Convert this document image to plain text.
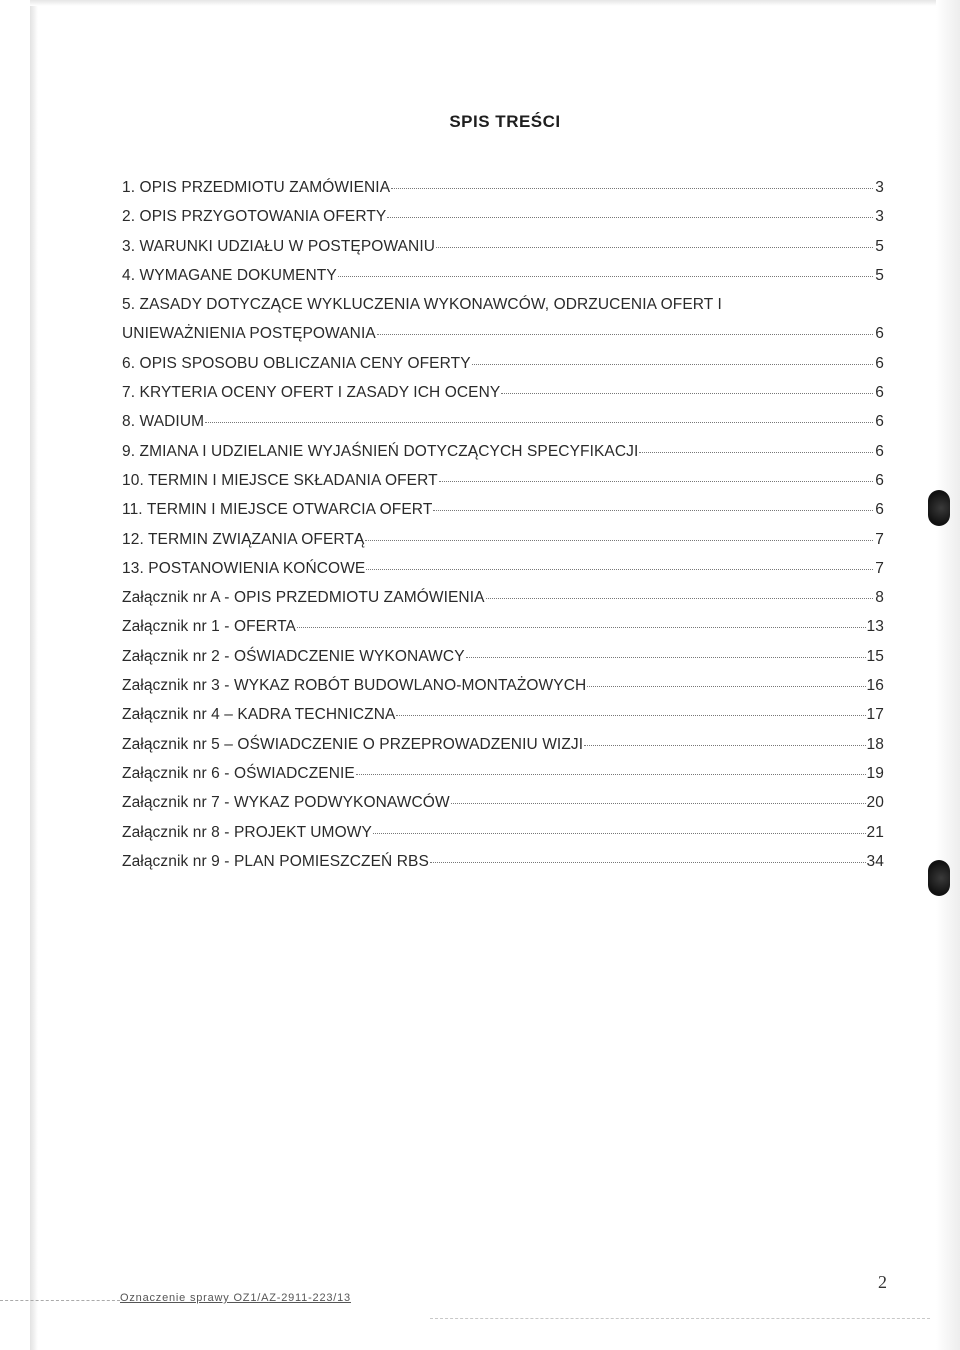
SPIS TREŚCI
1. OPIS PRZEDMIOTU ZAMÓWIENIA	3
2. OPIS PRZYGOTOWANIA OFERTY	3
3. WARUNKI UDZIAŁU W POSTĘPOWANIU	5
4. WYMAGANE DOKUMENTY	5
5. ZASADY DOTYCZĄCE WYKLUCZENIA WYKONAWCÓW, ODRZUCENIA OFERT I
UNIEWAŻNIENIA POSTĘPOWANIA	6
6. OPIS SPOSOBU OBLICZANIA CENY OFERTY	6
7. KRYTERIA OCENY OFERT I ZASADY ICH OCENY	6
8. WADIUM	6
9. ZMIANA I UDZIELANIE WYJAŚNIEŃ DOTYCZĄCYCH SPECYFIKACJI	6
10. TERMIN I MIEJSCE SKŁADANIA OFERT	6
11. TERMIN I MIEJSCE OTWARCIA OFERT	6
12. TERMIN ZWIĄZANIA OFERTĄ	7
13. POSTANOWIENIA KOŃCOWE	7
Załącznik nr A - OPIS PRZEDMIOTU ZAMÓWIENIA	8
Załącznik nr 1 - OFERTA	13
Załącznik nr 2 - OŚWIADCZENIE WYKONAWCY	15
Załącznik nr 3 - WYKAZ ROBÓT BUDOWLANO-MONTAŻOWYCH	16
Załącznik nr 4 – KADRA TECHNICZNA	17
Załącznik nr 5 – OŚWIADCZENIE O PRZEPROWADZENIU WIZJI	18
Załącznik nr 6 - OŚWIADCZENIE	19
Załącznik nr 7 - WYKAZ PODWYKONAWCÓW	20
Załącznik nr 8 - PROJEKT UMOWY	21
Załącznik nr 9 - PLAN POMIESZCZEŃ RBS	34
Oznaczenie sprawy OZ1/AZ-2911-223/13
2
